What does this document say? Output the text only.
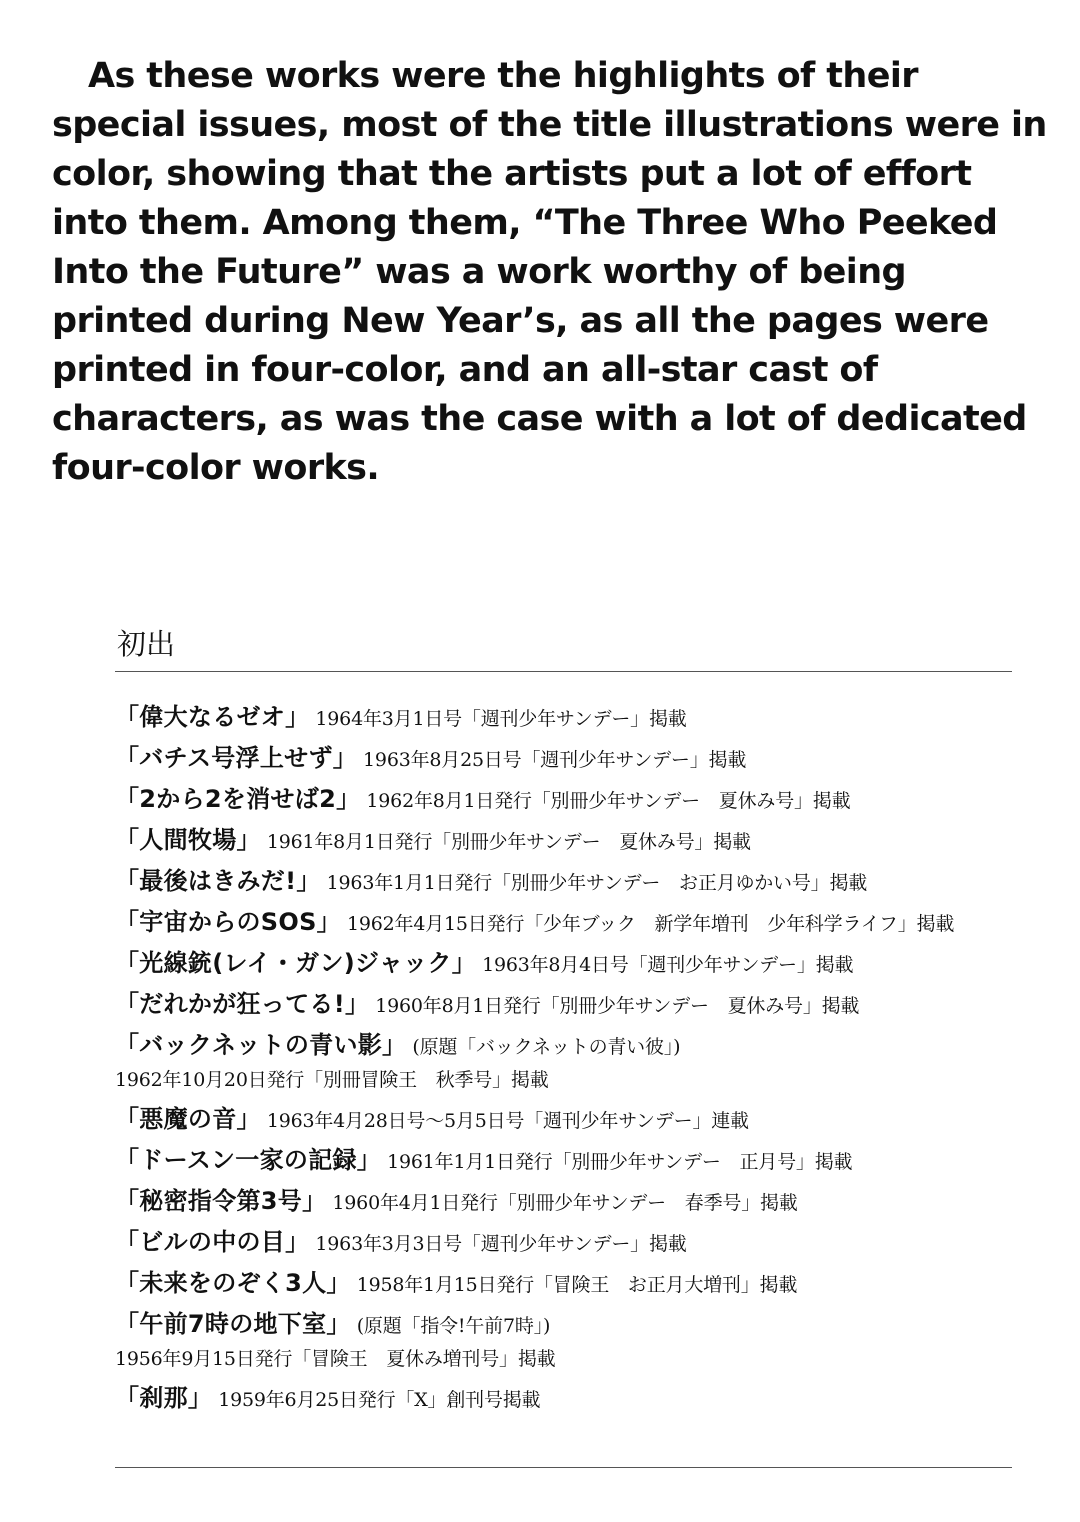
As these works were the highlights of their special issues, most of the title illustrations were in color, showing that the artists put a lot of effort into them. Among them, “The Three Who Peeked Into the Future” was a work worthy of being printed during New Year’s, as all the pages were printed in four-color, and an all-star cast of characters, as was the case with a lot of dedicated four-color works.

初出
「偉大なるゼオ」 1964年3月1日号「週刊少年サンデー」掲載
「バチス号浮上せず」 1963年8月25日号「週刊少年サンデー」掲載
「2から2を消せば2」 1962年8月1日発行「別冊少年サンデー　夏休み号」掲載
「人間牧場」 1961年8月1日発行「別冊少年サンデー　夏休み号」掲載
「最後はきみだ!」 1963年1月1日発行「別冊少年サンデー　お正月ゆかい号」掲載
「宇宙からのSOS」 1962年4月15日発行「少年ブック　新学年増刊　少年科学ライフ」掲載
「光線銃(レイ・ガン)ジャック」 1963年8月4日号「週刊少年サンデー」掲載
「だれかが狂ってる!」 1960年8月1日発行「別冊少年サンデー　夏休み号」掲載
「バックネットの青い影」 (原題「バックネットの青い彼」)
1962年10月20日発行「別冊冒険王　秋季号」掲載
「悪魔の音」 1963年4月28日号～5月5日号「週刊少年サンデー」連載
「ドースン一家の記録」 1961年1月1日発行「別冊少年サンデー　正月号」掲載
「秘密指令第3号」 1960年4月1日発行「別冊少年サンデー　春季号」掲載
「ビルの中の目」 1963年3月3日号「週刊少年サンデー」掲載
「未来をのぞく3人」 1958年1月15日発行「冒険王　お正月大増刊」掲載
「午前7時の地下室」 (原題「指令!午前7時」)
1956年9月15日発行「冒険王　夏休み増刊号」掲載
「刹那」 1959年6月25日発行「X」創刊号掲載
